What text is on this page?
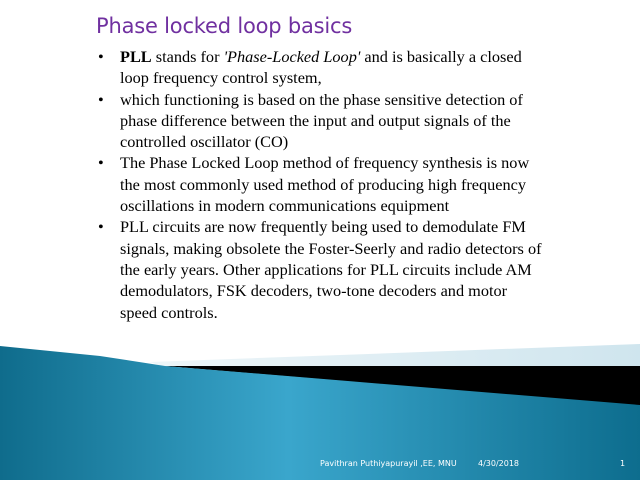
Phase locked loop basics
• PLL stands for 'Phase-Locked Loop' and is basically a closed
loop frequency control system,
• which functioning is based on the phase sensitive detection of
phase difference between the input and output signals of the
controlled oscillator (CO)
• The Phase Locked Loop method of frequency synthesis is now
the most commonly used method of producing high frequency
oscillations in modern communications equipment
• PLL circuits are now frequently being used to demodulate FM
signals, making obsolete the Foster-Seerly and radio detectors of
the early years. Other applications for PLL circuits include AM
demodulators, FSK decoders, two-tone decoders and motor
speed controls.
Pavithran Puthiyapurayil ,EE, MNU	4/30/2018	1
